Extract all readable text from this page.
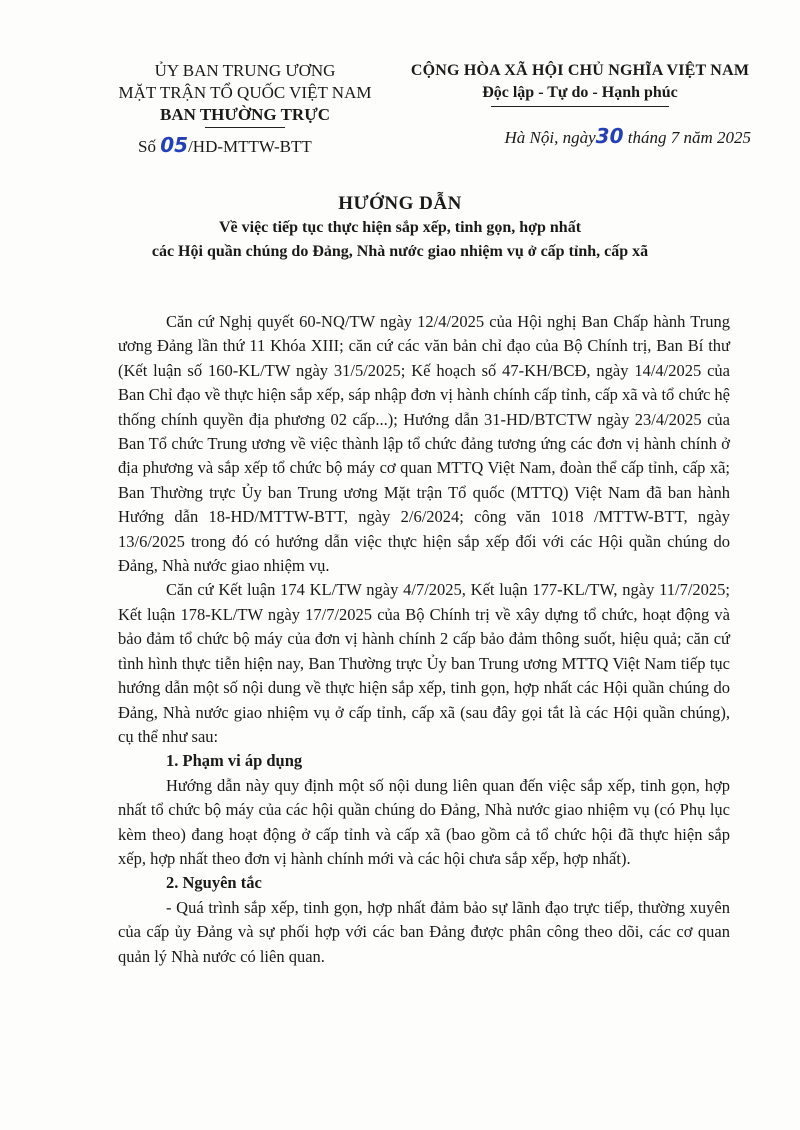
ỦY BAN TRUNG ƯƠNG
MẶT TRẬN TỔ QUỐC VIỆT NAM
BAN THƯỜNG TRỰC
Số 05/HD-MTTW-BTT
CỘNG HÒA XÃ HỘI CHỦ NGHĨA VIỆT NAM
Độc lập - Tự do - Hạnh phúc
Hà Nội, ngày30 tháng 7 năm 2025
HƯỚNG DẪN
Về việc tiếp tục thực hiện sắp xếp, tinh gọn, hợp nhất
các Hội quần chúng do Đảng, Nhà nước giao nhiệm vụ ở cấp tỉnh, cấp xã

Căn cứ Nghị quyết 60-NQ/TW ngày 12/4/2025 của Hội nghị Ban Chấp hành Trung ương Đảng lần thứ 11 Khóa XIII; căn cứ các văn bản chỉ đạo của Bộ Chính trị, Ban Bí thư (Kết luận số 160-KL/TW ngày 31/5/2025; Kế hoạch số 47-KH/BCĐ, ngày 14/4/2025 của Ban Chỉ đạo về thực hiện sắp xếp, sáp nhập đơn vị hành chính cấp tỉnh, cấp xã và tổ chức hệ thống chính quyền địa phương 02 cấp...); Hướng dẫn 31-HD/BTCTW ngày 23/4/2025 của Ban Tổ chức Trung ương về việc thành lập tổ chức đảng tương ứng các đơn vị hành chính ở địa phương và sắp xếp tổ chức bộ máy cơ quan MTTQ Việt Nam, đoàn thể cấp tỉnh, cấp xã; Ban Thường trực Ủy ban Trung ương Mặt trận Tổ quốc (MTTQ) Việt Nam đã ban hành Hướng dẫn 18-HD/MTTW-BTT, ngày 2/6/2024; công văn 1018 /MTTW-BTT, ngày 13/6/2025 trong đó có hướng dẫn việc thực hiện sắp xếp đối với các Hội quần chúng do Đảng, Nhà nước giao nhiệm vụ.

Căn cứ Kết luận 174 KL/TW ngày 4/7/2025, Kết luận 177-KL/TW, ngày 11/7/2025; Kết luận 178-KL/TW ngày 17/7/2025 của Bộ Chính trị về xây dựng tổ chức, hoạt động và bảo đảm tổ chức bộ máy của đơn vị hành chính 2 cấp bảo đảm thông suốt, hiệu quả; căn cứ tình hình thực tiễn hiện nay, Ban Thường trực Ủy ban Trung ương MTTQ Việt Nam tiếp tục hướng dẫn một số nội dung về thực hiện sắp xếp, tinh gọn, hợp nhất các Hội quần chúng do Đảng, Nhà nước giao nhiệm vụ ở cấp tỉnh, cấp xã (sau đây gọi tắt là các Hội quần chúng), cụ thể như sau:

1. Phạm vi áp dụng

Hướng dẫn này quy định một số nội dung liên quan đến việc sắp xếp, tinh gọn, hợp nhất tổ chức bộ máy của các hội quần chúng do Đảng, Nhà nước giao nhiệm vụ (có Phụ lục kèm theo) đang hoạt động ở cấp tỉnh và cấp xã (bao gồm cả tổ chức hội đã thực hiện sắp xếp, hợp nhất theo đơn vị hành chính mới và các hội chưa sắp xếp, hợp nhất).

2. Nguyên tắc

- Quá trình sắp xếp, tinh gọn, hợp nhất đảm bảo sự lãnh đạo trực tiếp, thường xuyên của cấp ủy Đảng và sự phối hợp với các ban Đảng được phân công theo dõi, các cơ quan quản lý Nhà nước có liên quan.
